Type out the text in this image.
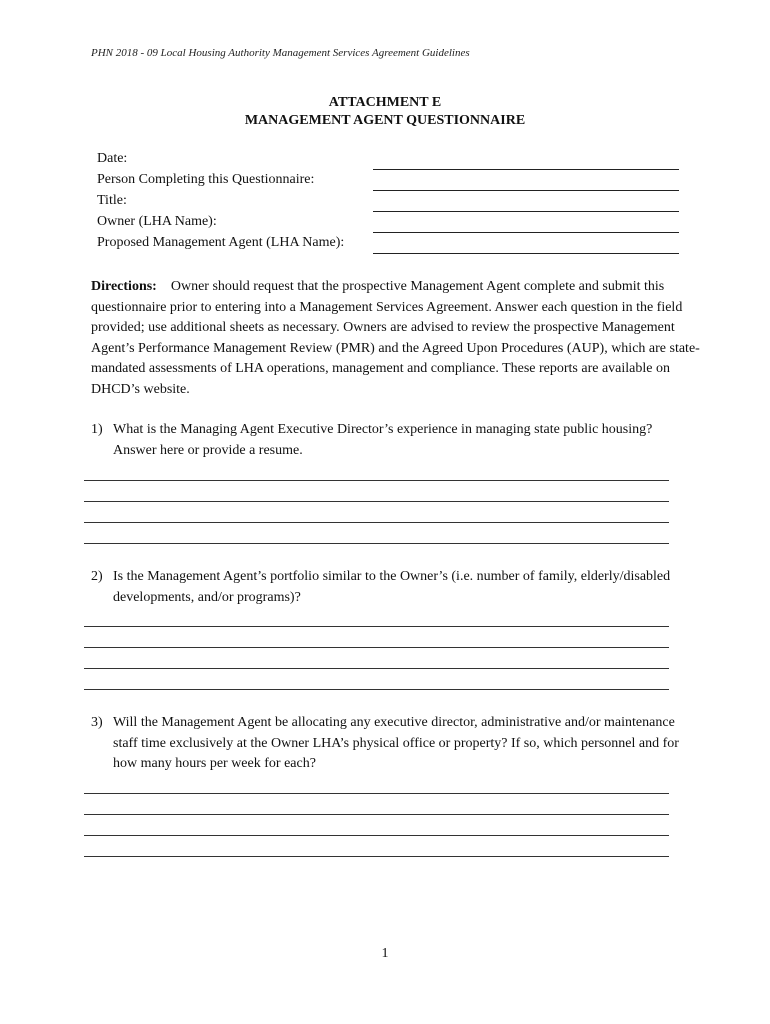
PHN 2018 - 09 Local Housing Authority Management Services Agreement Guidelines
ATTACHMENT E
MANAGEMENT AGENT QUESTIONNAIRE
Date:
Person Completing this Questionnaire:
Title:
Owner (LHA Name):
Proposed Management Agent (LHA Name):
Directions: Owner should request that the prospective Management Agent complete and submit this questionnaire prior to entering into a Management Services Agreement. Answer each question in the field provided; use additional sheets as necessary. Owners are advised to review the prospective Management Agent’s Performance Management Review (PMR) and the Agreed Upon Procedures (AUP), which are state-mandated assessments of LHA operations, management and compliance. These reports are available on DHCD’s website.
1) What is the Managing Agent Executive Director’s experience in managing state public housing? Answer here or provide a resume.
2) Is the Management Agent’s portfolio similar to the Owner’s (i.e. number of family, elderly/disabled developments, and/or programs)?
3) Will the Management Agent be allocating any executive director, administrative and/or maintenance staff time exclusively at the Owner LHA’s physical office or property? If so, which personnel and for how many hours per week for each?
1
